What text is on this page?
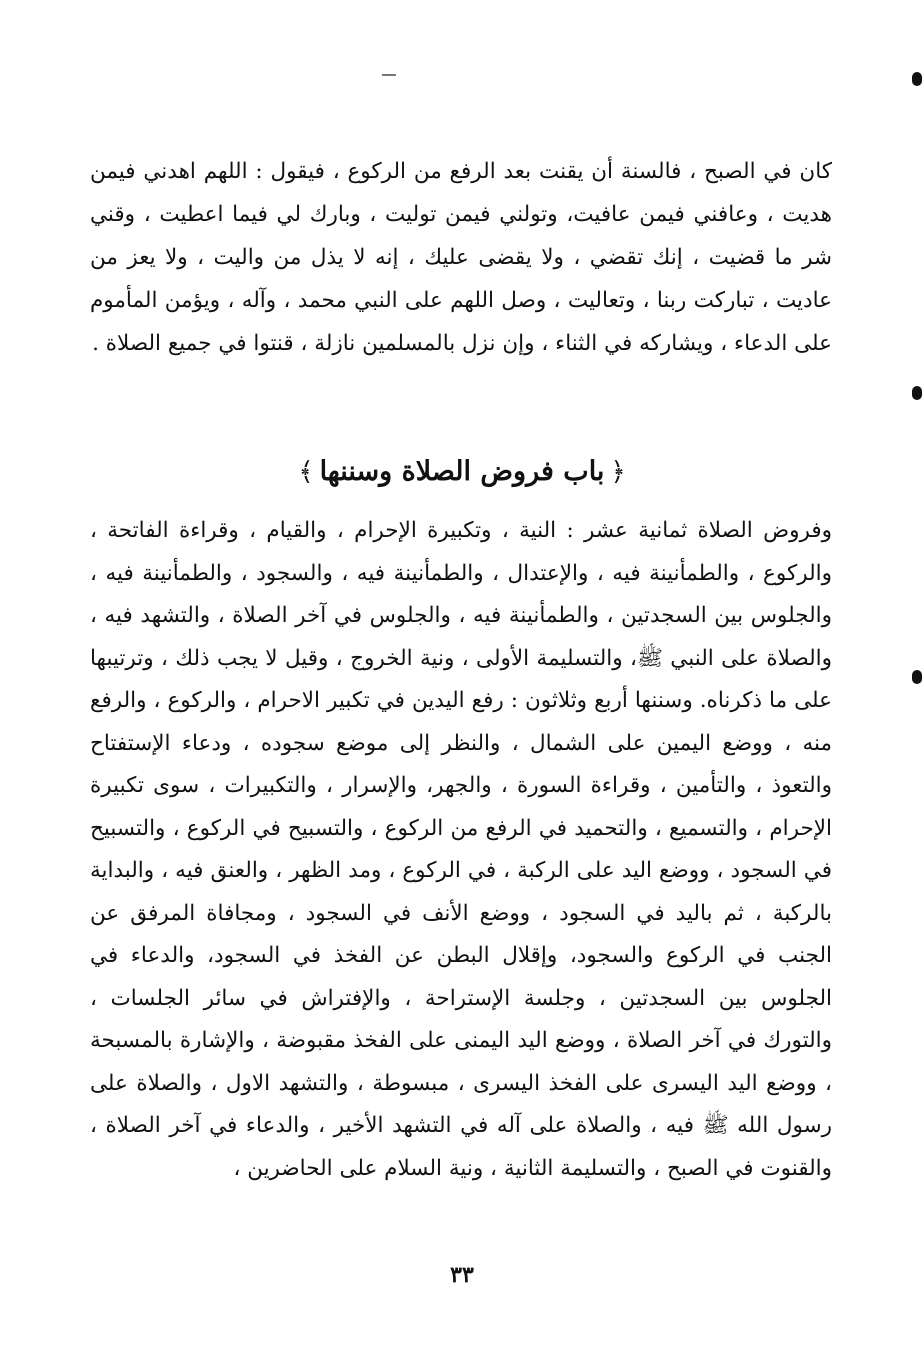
كان في الصبح ، فالسنة أن يقنت بعد الرفع من الركوع ، فيقول : اللهم اهدني فيمن هديت ، وعافني فيمن عافيت، وتولني فيمن توليت ، وبارك لي فيما اعطيت ، وقني شر ما قضيت ، إنك تقضي ، ولا يقضى عليك ، إنه لا يذل من واليت ، ولا يعز من عاديت ، تباركت ربنا ، وتعاليت ، وصل اللهم على النبي محمد ، وآله ، ويؤمن المأموم على الدعاء ، ويشاركه في الثناء ، وإن نزل بالمسلمين نازلة ، قنتوا في جميع الصلاة .

﴿باب فروض الصلاة وسننها﴾

وفروض الصلاة ثمانية عشر : النية ، وتكبيرة الإحرام ، والقيام ، وقراءة الفاتحة ، والركوع ، والطمأنينة فيه ، والإعتدال ، والطمأنينة فيه ، والسجود ، والطمأنينة فيه ، والجلوس بين السجدتين ، والطمأنينة فيه ، والجلوس في آخر الصلاة ، والتشهد فيه ، والصلاة على النبي ﷺ، والتسليمة الأولى ، ونية الخروج ، وقيل لا يجب ذلك ، وترتيبها على ما ذكرناه. وسننها أربع وثلاثون : رفع اليدين في تكبير الاحرام ، والركوع ، والرفع منه ، ووضع اليمين على الشمال ، والنظر إلى موضع سجوده ، ودعاء الإستفتاح والتعوذ ، والتأمين ، وقراءة السورة ، والجهر، والإسرار ، والتكبيرات ، سوى تكبيرة الإحرام ، والتسميع ، والتحميد في الرفع من الركوع ، والتسبيح في الركوع ، والتسبيح في السجود ، ووضع اليد على الركبة ، في الركوع ، ومد الظهر ، والعنق فيه ، والبداية بالركبة ، ثم باليد في السجود ، ووضع الأنف في السجود ، ومجافاة المرفق عن الجنب في الركوع والسجود، وإقلال البطن عن الفخذ في السجود، والدعاء في الجلوس بين السجدتين ، وجلسة الإستراحة ، والإفتراش في سائر الجلسات ، والتورك في آخر الصلاة ، ووضع اليد اليمنى على الفخذ مقبوضة ، والإشارة بالمسبحة ، ووضع اليد اليسرى على الفخذ اليسرى ، مبسوطة ، والتشهد الاول ، والصلاة على رسول الله ﷺ فيه ، والصلاة على آله في التشهد الأخير ، والدعاء في آخر الصلاة ، والقنوت في الصبح ، والتسليمة الثانية ، ونية السلام على الحاضرين ،

٣٣
